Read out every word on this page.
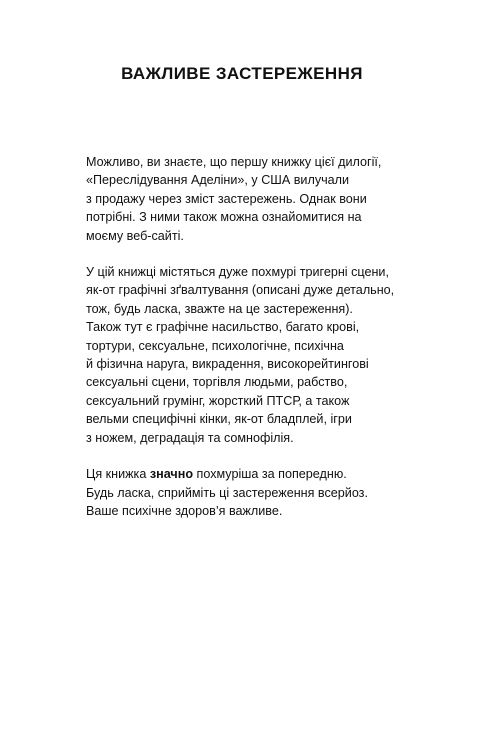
ВАЖЛИВЕ ЗАСТЕРЕЖЕННЯ

Можливо, ви знаєте, що першу книжку цієї дилогії,
«Переслідування Аделіни», у США вилучали
з продажу через зміст застережень. Однак вони
потрібні. З ними також можна ознайомитися на
моєму веб-сайті.

У цій книжці містяться дуже похмурі тригерні сцени,
як-от графічні зґвалтування (описані дуже детально,
тож, будь ласка, зважте на це застереження).
Також тут є графічне насильство, багато крові,
тортури, сексуальне, психологічне, психічна
й фізична наруга, викрадення, високорейтингові
сексуальні сцени, торгівля людьми, рабство,
сексуальний грумінг, жорсткий ПТСР, а також
вельми специфічні кінки, як-от бладплей, ігри
з ножем, деградація та сомнофілія.

Ця книжка значно похмуріша за попередню.
Будь ласка, сприйміть ці застереження всерйоз.
Ваше психічне здоров’я важливе.
